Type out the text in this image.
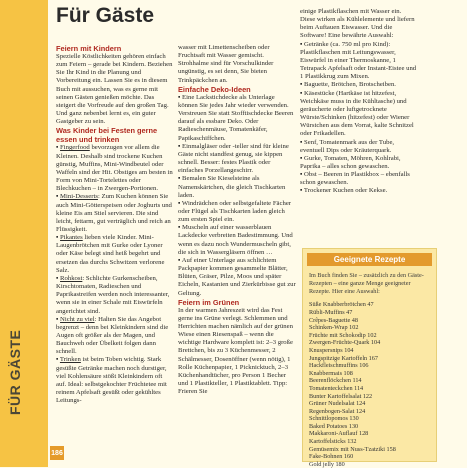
FÜR GÄSTE
186
Für Gäste

Feiern mit Kindern

Spezielle Köstlichkeiten gehören einfach zum Feiern – gerade bei Kindern. Beziehen Sie Ihr Kind in die Planung und Vorbereitung ein. Lassen Sie es in diesem Buch mit aussuchen, was es gerne mit seinen Gästen genießen möchte. Das steigert die Vorfreude auf den großen Tag. Und ganz nebenbei lernt es, ein guter Gastgeber zu sein.

Was Kinder bei Festen gerne essen und trinken

▪ Fingerfood bevorzugen vor allem die Kleinen. Deshalb sind trockene Kuchen günstig, Muffins, Mini-Windbeutel oder Waffeln sind der Hit. Obstiges am besten in Form von Mini-Tortelettes oder Blechkuchen – in Zwergen-Portionen.

▪ Mini-Desserts: Zum Kuchen können Sie auch Mini-Götterspeisen oder Joghurts und kleine Eis am Stiel servieren. Die sind leicht, fettarm, gut verträglich und reich an Flüssigkeit.

▪ Pikantes lieben viele Kinder. Mini-Laugenbrötchen mit Gurke oder Lyoner oder Käse belegt sind heiß begehrt und ersetzen das durchs Schwitzen verlorene Salz.

▪ Rohkost: Schlichte Gurkenscheiben, Kirschtomaten, Radieschen und Paprikastreifen werden noch interessanter, wenn sie in einer Schale mit Eiswürfeln angerichtet sind.

▪ Nicht zu viel: Halten Sie das Angebot begrenzt – denn bei Kleinkindern sind die Augen oft größer als der Magen, und Bauchweh oder Übelkeit folgen dann schnell.

▪ Trinken ist beim Toben wichtig. Stark gesüßte Getränke machen noch durstiger, viel Kohlensäure stößt Kleinkindern oft auf. Ideal: selbstgekochter Früchtetee mit reinem Apfelsaft gesüßt oder gekühltes Leitungs-

wasser mit Limettenscheiben oder Fruchtsaft mit Wasser gemischt. Strohhalme sind für Vorschulkinder ungünstig, es sei denn, Sie bieten Trinkpäckchen an.

Einfache Deko-Ideen

▪ Eine Lackstichdecke als Unterlage können Sie jedes Jahr wieder verwenden. Verstreuen Sie statt Stofftischdecke Beeren darauf als essbare Deko. Oder Radieschenmäuse, Tomatenkäfer, Papikaschiffchen.

▪ Einmalgläser oder -teller sind für kleine Gäste nicht standfest genug, sie kippen schnell. Besser: festes Plastik oder einfaches Porzellangeschirr.

▪ Bemalen Sie Kieselsteine als Namenskärtchen, die gleich Tischkarten laden.

▪ Windrädchen oder selbstgefaltete Fächer oder Flügel als Tischkarten laden gleich zum ersten Spiel ein.

▪ Muscheln auf einer wasserblauen Lackdecke verbreiten Badestimmung. Und wenn es dazu noch Wundermuscheln gibt, die sich in Wassergläsern öffnen …

▪ Auf einer Unterlage aus schlichtem Packpapier kommen gesammelte Blätter, Blüten, Gräser, Pilze, Moos und später Eicheln, Kastanien und Zierkürbisse gut zur Geltung.

Feiern im Grünen

In der warmen Jahreszeit wird das Fest gerne ins Grüne verlegt. Schlemmen und Herrichten machen nämlich auf der grünen Wiese einen Riesenspaß – wenn die wichtige Hardware komplett ist: 2–3 große Brettchen, bis zu 3 Küchenmesser, 2 Schälmesser, Dosenöffner (wenn nötig), 1 Rolle Küchenpapier, 1 Picknicktuch, 2–3 Küchenhandtücher, pro Person 1 Becher und 1 Plastikteller, 1 Plastiktablett. Tipp: Frieren Sie

einige Plastikflaschen mit Wasser ein. Diese wirken als Kühlelemente und liefern beim Auftauen Eiswasser. Und die Software! Eine bewährte Auswahl:

▪ Getränke (ca. 750 ml pro Kind): Plastikflaschen mit Leitungswasser, Eiswürfel in einer Thermoskanne, 1 Tetrapack Apfelsaft oder Instant-Eistee und 1 Plastikkrug zum Mixen.

▪ Baguette, Brötchen, Brotscheiben.

▪ Käsestücke (Hartkäse ist hitzefest, Weichkäse muss in die Kühltasche) und geräucherte oder luftgetrocknete Würste/Schinken (hitzefest) oder Wiener Würstchen aus dem Vorrat, kalte Schnitzel oder Frikadellen.

▪ Senf, Tomatenmark aus der Tube, eventuell Dips oder Kräuterquark.

▪ Gurke, Tomaten, Möhren, Kohlrabi, Paprika – alles schon gewaschen.

▪ Obst – Beeren in Plastikbox – ebenfalls schon gewaschen.

▪ Trockener Kuchen oder Kekse.

Geeignete Rezepte
Im Buch finden Sie – zusätzlich zu den Gäste-Rezepten – eine ganze Menge geeigneter Rezepte. Hier eine Auswahl:
Süße Knabberbrötchen 47
Rübli-Muffins 47
Crêpes-Baguette 48
Schinken-Wrap 102
Früchte mit Schokodip 102
Zwergen-Früchte-Quark 104
Knuspersnips 104
Jungspitzige Kartoffeln 167
Hackfleischmuffins 106
Knabbermais 108
Beerenflöckchen 114
Tomatenteckchen 114
Bunter Kartoffelsalat 122
Grüner Nudelsalat 124
Regenbogen-Salat 124
Schnittlopomos 130
Baked Potatoes 130
Makkaroni-Auflauf 128
Kartoffelsticks 132
Gemüsemix mit Nuss-Tzatziki 158
Fake-Bohnen 160
Gold jelly 180
